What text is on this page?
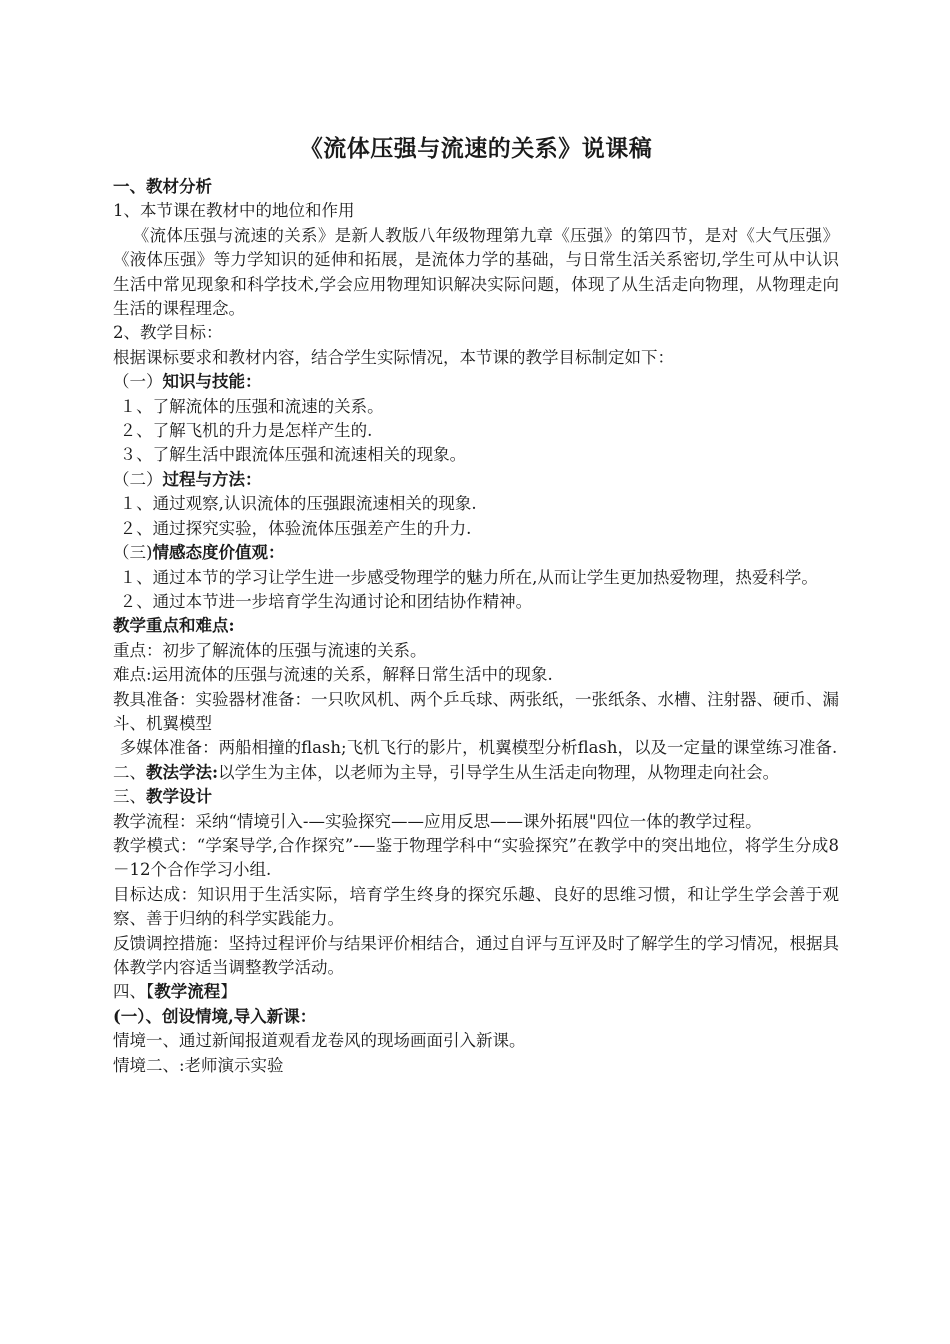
《流体压强与流速的关系》说课稿

一、教材分析

1、本节课在教材中的地位和作用

《流体压强与流速的关系》是新人教版八年级物理第九章《压强》的第四节，是对《大气压强》《液体压强》等力学知识的延伸和拓展，是流体力学的基础，与日常生活关系密切,学生可从中认识生活中常见现象和科学技术,学会应用物理知识解决实际问题，体现了从生活走向物理，从物理走向生活的课程理念。

2、教学目标：

根据课标要求和教材内容，结合学生实际情况，本节课的教学目标制定如下：

（一）知识与技能：

１、了解流体的压强和流速的关系。

２、了解飞机的升力是怎样产生的.

３、了解生活中跟流体压强和流速相关的现象。

（二）过程与方法：

１、通过观察,认识流体的压强跟流速相关的现象.

２、通过探究实验，体验流体压强差产生的升力.

（三)情感态度价值观：

１、通过本节的学习让学生进一步感受物理学的魅力所在,从而让学生更加热爱物理，热爱科学。

２、通过本节进一步培育学生沟通讨论和团结协作精神。

教学重点和难点:

重点：初步了解流体的压强与流速的关系。

难点:运用流体的压强与流速的关系，解释日常生活中的现象.

教具准备：实验器材准备：一只吹风机、两个乒乓球、两张纸，一张纸条、水槽、注射器、硬币、漏斗、机翼模型

多媒体准备：两船相撞的flash;飞机飞行的影片，机翼模型分析flash，以及一定量的课堂练习准备.

二、教法学法:以学生为主体，以老师为主导，引导学生从生活走向物理，从物理走向社会。

三、教学设计

教学流程：采纳“情境引入-—实验探究——应用反思——课外拓展"四位一体的教学过程。

教学模式：“学案导学,合作探究”-—鉴于物理学科中“实验探究”在教学中的突出地位，将学生分成8－12个合作学习小组.

目标达成：知识用于生活实际，培育学生终身的探究乐趣、良好的思维习惯，和让学生学会善于观察、善于归纳的科学实践能力。

反馈调控措施：坚持过程评价与结果评价相结合，通过自评与互评及时了解学生的学习情况，根据具体教学内容适当调整教学活动。

四、【教学流程】

(一）、创设情境,导入新课：

情境一、通过新闻报道观看龙卷风的现场画面引入新课。

情境二、:老师演示实验
